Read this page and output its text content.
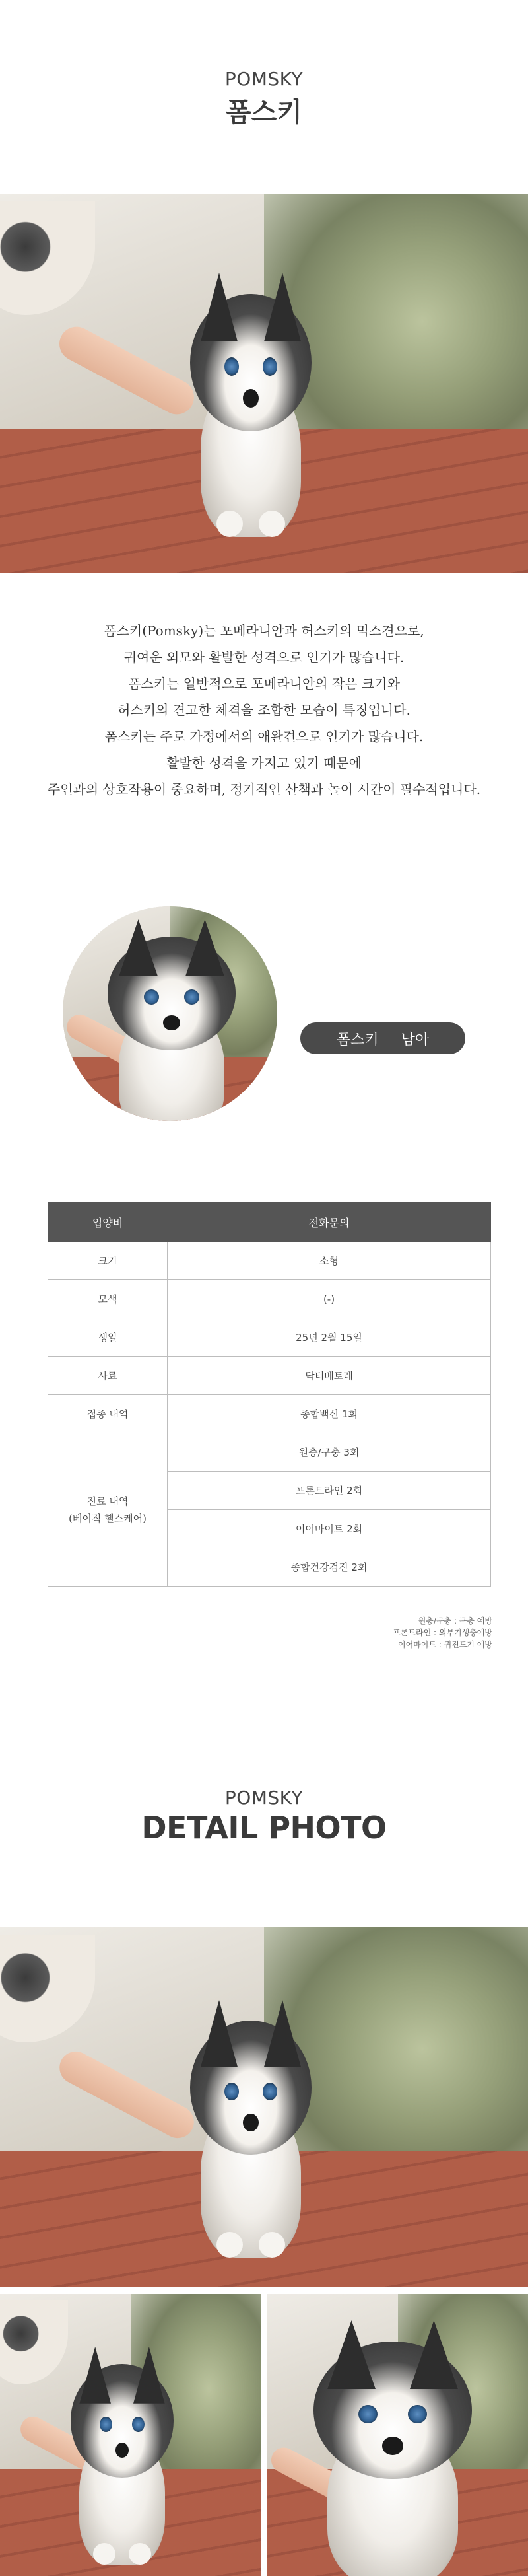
POMSKY
폼스키

폼스키(Pomsky)는 포메라니안과 허스키의 믹스견으로,

귀여운 외모와 활발한 성격으로 인기가 많습니다.

폼스키는 일반적으로 포메라니안의 작은 크기와

허스키의 견고한 체격을 조합한 모습이 특징입니다.

폼스키는 주로 가정에서의 애완견으로 인기가 많습니다.

활발한 성격을 가지고 있기 때문에

주인과의 상호작용이 중요하며, 정기적인 산책과 놀이 시간이 필수적입니다.

폼스키 남아
입양비	전화문의
크기	소형
모색	(-)
생일	25년 2월 15일
사료	닥터베토레
접종 내역	종합백신 1회

진료 내역
(베이직 헬스케어)	원충/구충 3회
	프론트라인 2회
	이어마이트 2회
	종합건강검진 2회
원충/구충 : 구충 예방
프론트라인 : 외부기생충예방
이어마이트 : 귀진드기 예방
POMSKY
DETAIL PHOTO
